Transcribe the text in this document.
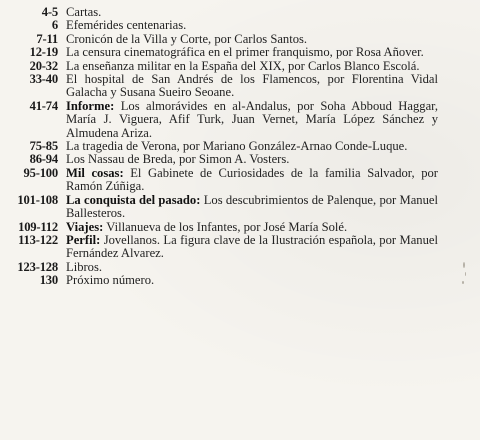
4-5 Cartas.
6 Efemérides centenarias.
7-11 Cronicón de la Villa y Corte, por Carlos Santos.
12-19 La censura cinematográfica en el primer franquismo, por Rosa Añover.
20-32 La enseñanza militar en la España del XIX, por Carlos Blanco Escolá.
33-40 El hospital de San Andrés de los Flamencos, por Florentina Vidal Galacha y Susana Sueiro Seoane.
41-74 Informe: Los almorávides en al-Andalus, por Soha Abboud Haggar, María J. Viguera, Afif Turk, Juan Vernet, María López Sánchez y Almudena Ariza.
75-85 La tragedia de Verona, por Mariano González-Arnao Conde-Luque.
86-94 Los Nassau de Breda, por Simon A. Vosters.
95-100 Mil cosas: El Gabinete de Curiosidades de la familia Salvador, por Ramón Zúñiga.
101-108 La conquista del pasado: Los descubrimientos de Palenque, por Manuel Ballesteros.
109-112 Viajes: Villanueva de los Infantes, por José María Solé.
113-122 Perfil: Jovellanos. La figura clave de la Ilustración española, por Manuel Fernández Alvarez.
123-128 Libros.
130 Próximo número.
